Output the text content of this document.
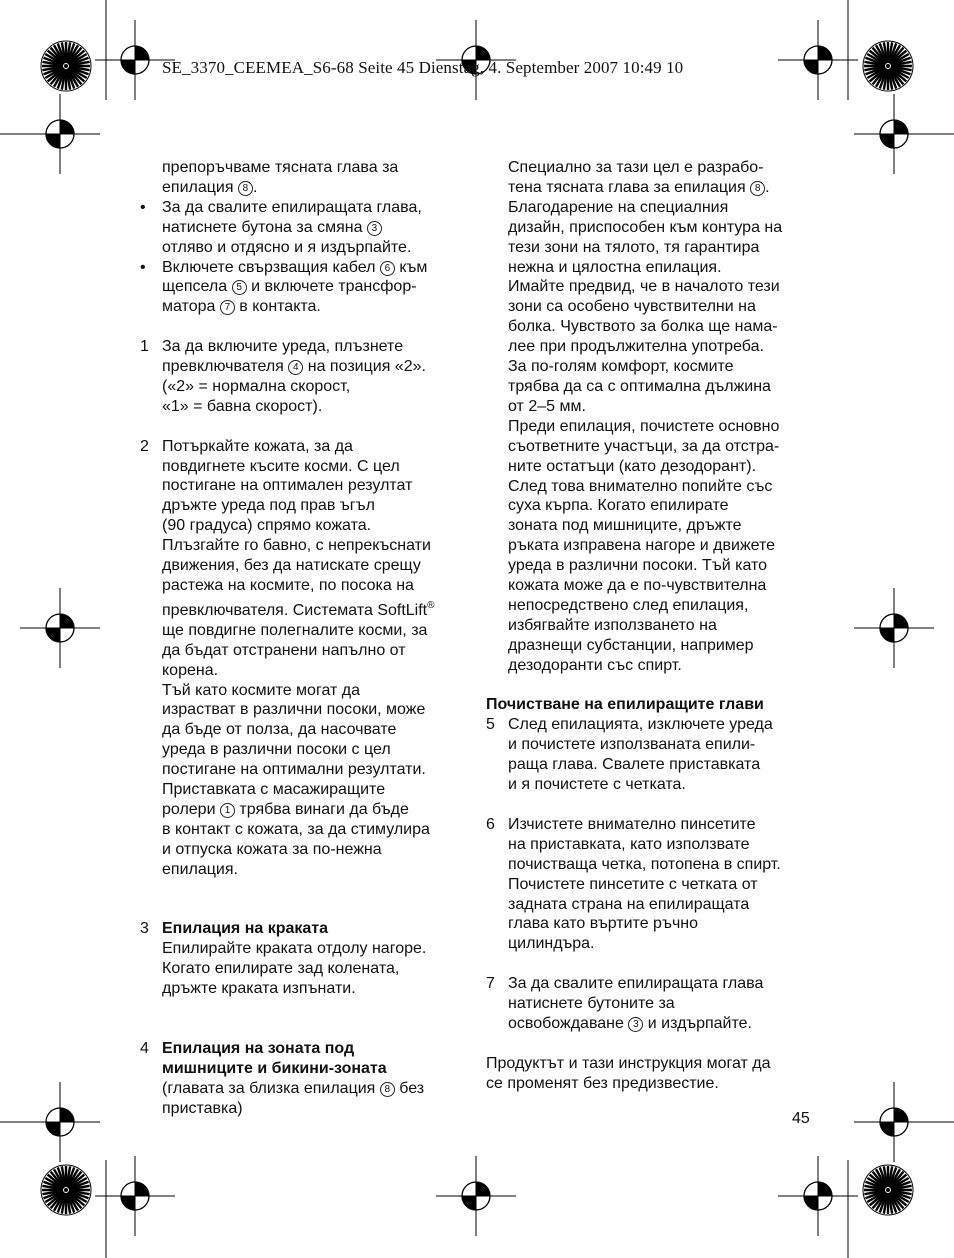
SE_3370_CEEMEA_S6-68 Seite 45 Dienstag, 4. September 2007 10:49 10

препоръчваме тясната глава за

епилация 8 .

• За да свалите епилиращата глава,

натиснете бутона за смяна 3

отляво и отдясно и я издърпайте.

• Включете свързващия кабел 6 към

щепсела 5 и включете трансфор-

матора 7 в контакта.

1 За да включите уреда, плъзнете

превключвателя 4 на позиция «2».

(«2» = нормална скорост,

«1» = бавна скорост).

2 Потъркайте кожата, за да

повдигнете късите косми. С цел

постигане на оптимален резултат

дръжте уреда под прав ъгъл

(90 градуса) спрямо кожата.

Плъзгайте го бавно, с непрекъснати

движения, без да натискате срещу

растежа на космите, по посока на

превключвателя. Системата SoftLift®

ще повдигне полегналите косми, за

да бъдат отстранени напълно от

корена.

Тъй като космите могат да

израстват в различни посоки, може

да бъде от полза, да насочвате

уреда в различни посоки с цел

постигане на оптимални резултати.

Приставката с масажиращите

ролери 1 трябва винаги да бъде

в контакт с кожата, за да стимулира

и отпуска кожата за по-нежна

епилация.

3 Епилация на краката

Епилирайте краката отдолу нагоре.

Когато епилирате зад колената,

дръжте краката изпънати.

4 Епилация на зоната под

мишниците и бикини-зоната

(главата за близка епилация 8 без

приставка)

Специално за тази цел е разрабо-

тена тясната глава за епилация 8 .

Благодарение на специалния

дизайн, приспособен към контура на

тези зони на тялото, тя гарантира

нежна и цялостна епилация.

Имайте предвид, че в началото тези

зони са особено чувствителни на

болка. Чувството за болка ще нама-

лее при продължителна употреба.

За по-голям комфорт, космите

трябва да са с оптимална дължина

от 2–5 мм.

Преди епилация, почистете основно

съответните участъци, за да отстра-

ните остатъци (като дезодорант).

След това внимателно попийте със

суха кърпа. Когато епилирате

зоната под мишниците, дръжте

ръката изправена нагоре и движете

уреда в различни посоки. Тъй като

кожата може да е по-чувствителна

непосредствено след епилация,

избягвайте използването на

дразнещи субстанции, например

дезодоранти със спирт.

Почистване на епилиращите глави

5 След епилацията, изключете уреда

и почистете използваната епили-

раща глава. Свалете приставката

и я почистете с четката.

6 Изчистете внимателно пинсетите

на приставката, като използвате

почистваща четка, потопена в спирт.

Почистете пинсетите с четката от

задната страна на епилиращата

глава като въртите ръчно

цилиндъра.

7 За да свалите епилиращата глава

натиснете бутоните за

освобождаване 3 и издърпайте.

Продуктът и тази инструкция могат да

се променят без предизвестие.

45
